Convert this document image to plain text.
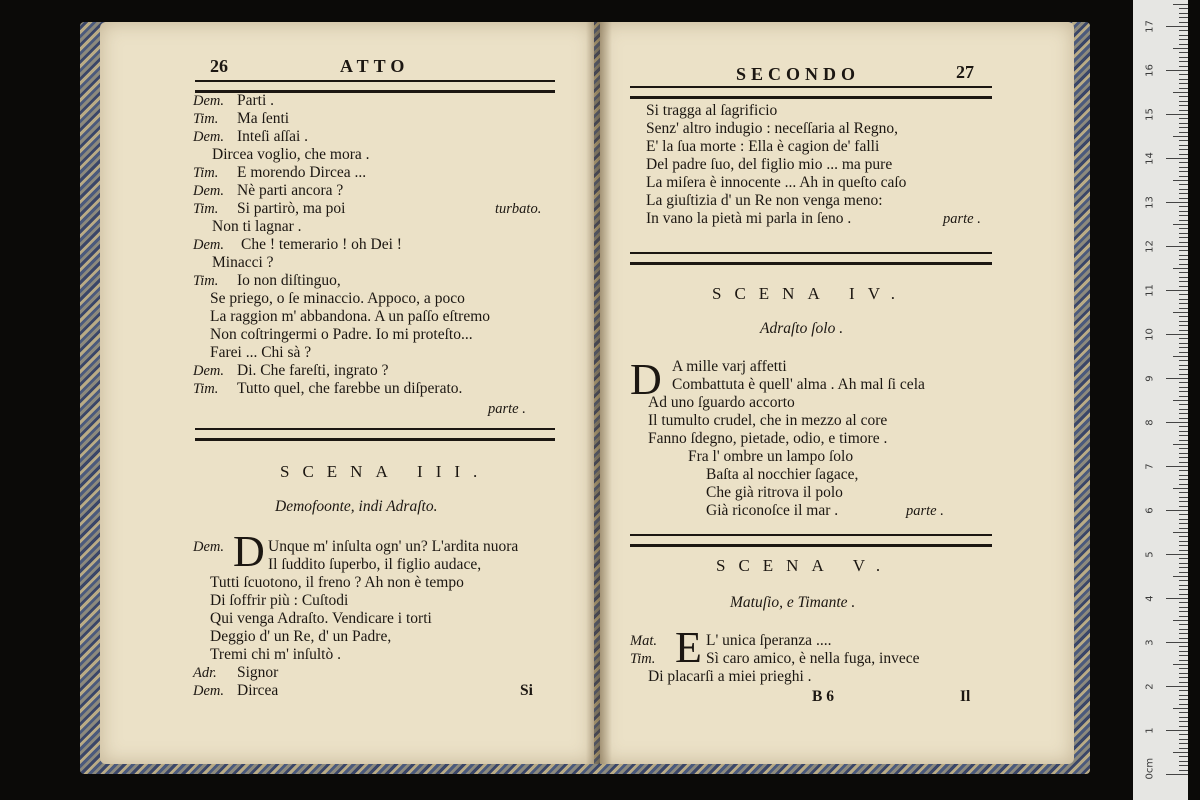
26	ATTO
Dem. Parti .
Tim. Ma ſenti
Dem. Inteſi aſſai .
Dircea voglio, che mora .
Tim. E morendo Dircea ...
Dem. Nè parti ancora ?
Tim. Si partirò, ma poi	turbato.
Non ti lagnar .
Dem. Che ! temerario ! oh Dei !
Minacci ?
Tim. Io non diſtinguo,
Se priego, o ſe minaccio. Appoco, a poco
La raggion m' abbandona. A un paſſo eſtremo
Non coſtringermi o Padre. Io mi proteſto...
Farei ... Chi sà ?
Dem. Di. Che fareſti, ingrato ?
Tim. Tutto quel, che farebbe un diſperato.
parte .
SCENA III.
Demofoonte, indi Adraſto.
Dem. D Unque m' inſulta ogn' un? L'ardita nuora
Il ſuddito ſuperbo, il figlio audace,
Tutti ſcuotono, il freno ? Ah non è tempo
Di ſoffrir più : Cuſtodi
Qui venga Adraſto. Vendicare i torti
Deggio d' un Re, d' un Padre,
Tremi chi m' inſultò .
Adr. Signor
Dem. Dircea	Si
SECONDO	27
Si tragga al ſagrificio
Senz' altro indugio : neceſſaria al Regno,
E' la ſua morte : Ella è cagion de' falli
Del padre ſuo, del figlio mio ... ma pure
La miſera è innocente ... Ah in queſto caſo
La giuſtizia d' un Re non venga meno:
In vano la pietà mi parla in ſeno .	parte .
SCENA IV.
Adraſto ſolo .
D A mille varj affetti
Combattuta è quell' alma . Ah mal ſi cela
Ad uno ſguardo accorto
Il tumulto crudel, che in mezzo al core
Fanno ſdegno, pietade, odio, e timore .
Fra l' ombre un lampo ſolo
Baſta al nocchier ſagace,
Che già ritrova il polo
Già riconoſce il mar .	parte .
SCENA V.
Matuſio, e Timante .
Mat. E L' unica ſperanza ....
Tim.	Sì caro amico, è nella fuga, invece
Di placarſi a miei prieghi .
B 6	Il
0cm
1
2
3
4
5
6
7
8
9
10
11
12
13
14
15
16
17
